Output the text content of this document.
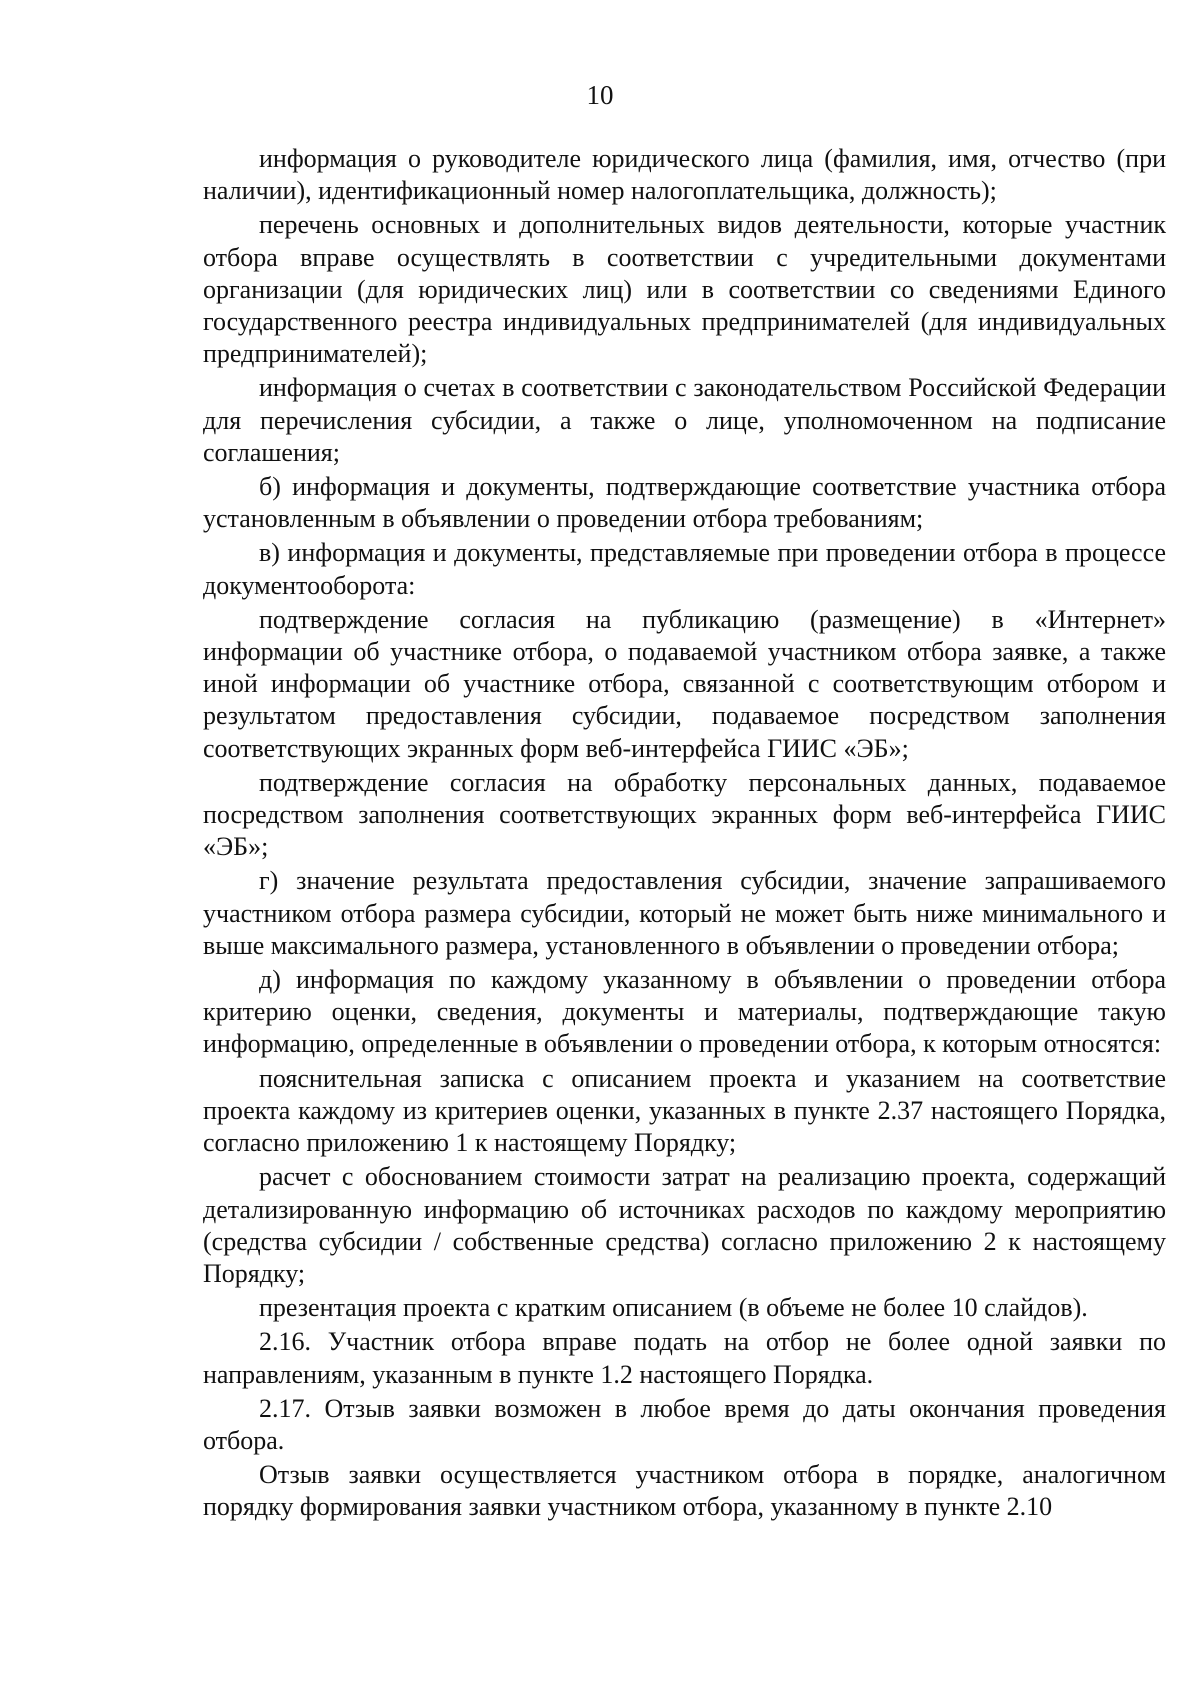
10

информация о руководителе юридического лица (фамилия, имя, отчество (при наличии), идентификационный номер налогоплательщика, должность);

перечень основных и дополнительных видов деятельности, которые участник отбора вправе осуществлять в соответствии с учредительными документами организации (для юридических лиц) или в соответствии со сведениями Единого государственного реестра индивидуальных предпринимателей (для индивидуальных предпринимателей);

информация о счетах в соответствии с законодательством Российской Федерации для перечисления субсидии, а также о лице, уполномоченном на подписание соглашения;

б) информация и документы, подтверждающие соответствие участника отбора установленным в объявлении о проведении отбора требованиям;

в) информация и документы, представляемые при проведении отбора в процессе документооборота:

подтверждение согласия на публикацию (размещение) в «Интернет» информации об участнике отбора, о подаваемой участником отбора заявке, а также иной информации об участнике отбора, связанной с соответствующим отбором и результатом предоставления субсидии, подаваемое посредством заполнения соответствующих экранных форм веб-интерфейса ГИИС «ЭБ»;

подтверждение согласия на обработку персональных данных, подаваемое посредством заполнения соответствующих экранных форм веб-интерфейса ГИИС «ЭБ»;

г) значение результата предоставления субсидии, значение запрашиваемого участником отбора размера субсидии, который не может быть ниже минимального и выше максимального размера, установленного в объявлении о проведении отбора;

д) информация по каждому указанному в объявлении о проведении отбора критерию оценки, сведения, документы и материалы, подтверждающие такую информацию, определенные в объявлении о проведении отбора, к которым относятся:

пояснительная записка с описанием проекта и указанием на соответствие проекта каждому из критериев оценки, указанных в пункте 2.37 настоящего Порядка, согласно приложению 1 к настоящему Порядку;

расчет с обоснованием стоимости затрат на реализацию проекта, содержащий детализированную информацию об источниках расходов по каждому мероприятию (средства субсидии / собственные средства) согласно приложению 2 к настоящему Порядку;

презентация проекта с кратким описанием (в объеме не более 10 слайдов).

2.16. Участник отбора вправе подать на отбор не более одной заявки по направлениям, указанным в пункте 1.2 настоящего Порядка.

2.17. Отзыв заявки возможен в любое время до даты окончания проведения отбора.

Отзыв заявки осуществляется участником отбора в порядке, аналогичном порядку формирования заявки участником отбора, указанному в пункте 2.10
